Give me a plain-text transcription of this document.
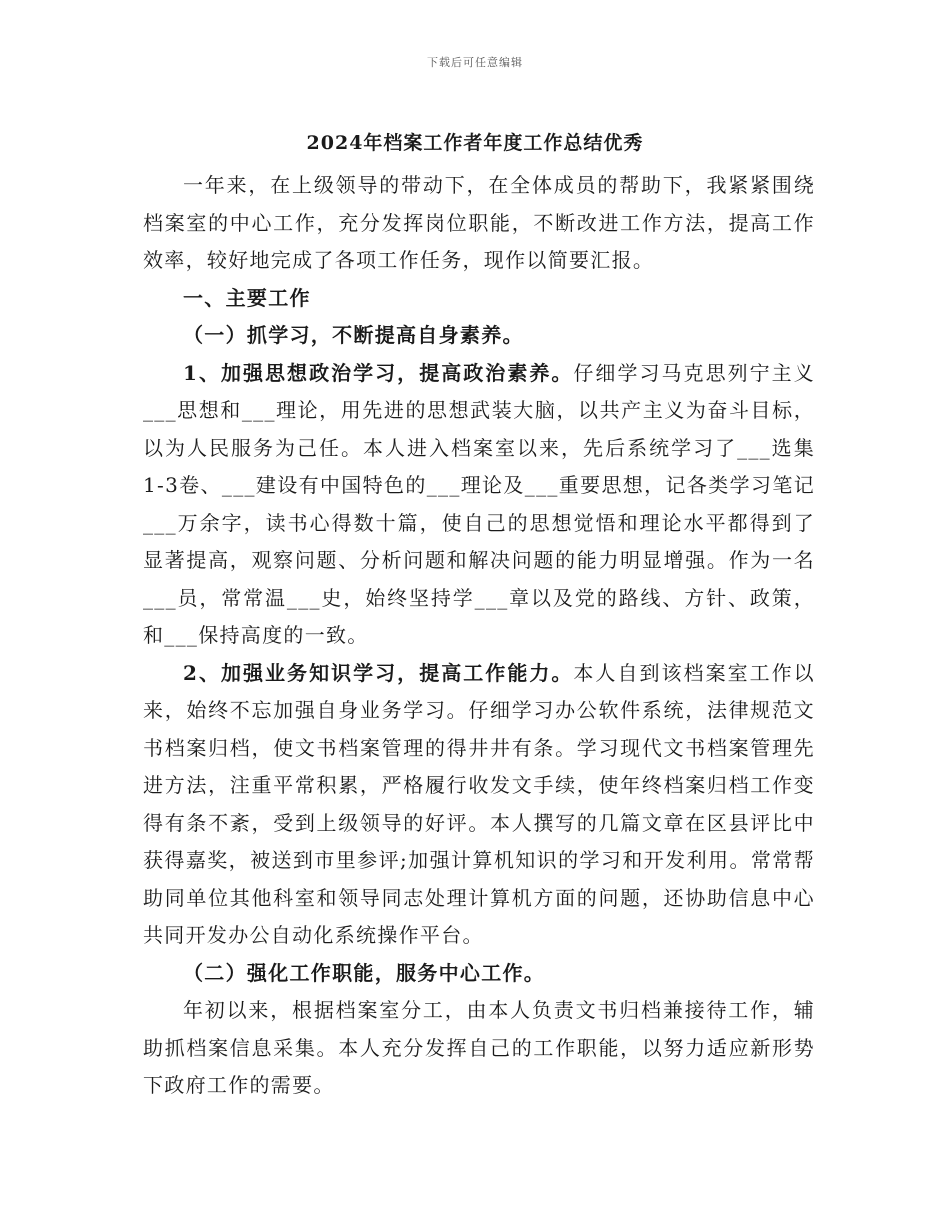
下载后可任意编辑
2024年档案工作者年度工作总结优秀

一年来，在上级领导的带动下，在全体成员的帮助下，我紧紧围绕档案室的中心工作，充分发挥岗位职能，不断改进工作方法，提高工作效率，较好地完成了各项工作任务，现作以简要汇报。

一、主要工作

（一）抓学习，不断提高自身素养。

1、加强思想政治学习，提高政治素养。仔细学习马克思列宁主义___思想和___理论，用先进的思想武装大脑，以共产主义为奋斗目标，以为人民服务为己任。本人进入档案室以来，先后系统学习了___选集1-3卷、___建设有中国特色的___理论及___重要思想，记各类学习笔记___万余字，读书心得数十篇，使自己的思想觉悟和理论水平都得到了显著提高，观察问题、分析问题和解决问题的能力明显增强。作为一名___员，常常温___史，始终坚持学___章以及党的路线、方针、政策，和___保持高度的一致。

2、加强业务知识学习，提高工作能力。本人自到该档案室工作以来，始终不忘加强自身业务学习。仔细学习办公软件系统，法律规范文书档案归档，使文书档案管理的得井井有条。学习现代文书档案管理先进方法，注重平常积累，严格履行收发文手续，使年终档案归档工作变得有条不紊，受到上级领导的好评。本人撰写的几篇文章在区县评比中获得嘉奖，被送到市里参评;加强计算机知识的学习和开发利用。常常帮助同单位其他科室和领导同志处理计算机方面的问题，还协助信息中心共同开发办公自动化系统操作平台。

（二）强化工作职能，服务中心工作。

年初以来，根据档案室分工，由本人负责文书归档兼接待工作，辅助抓档案信息采集。本人充分发挥自己的工作职能，以努力适应新形势下政府工作的需要。
